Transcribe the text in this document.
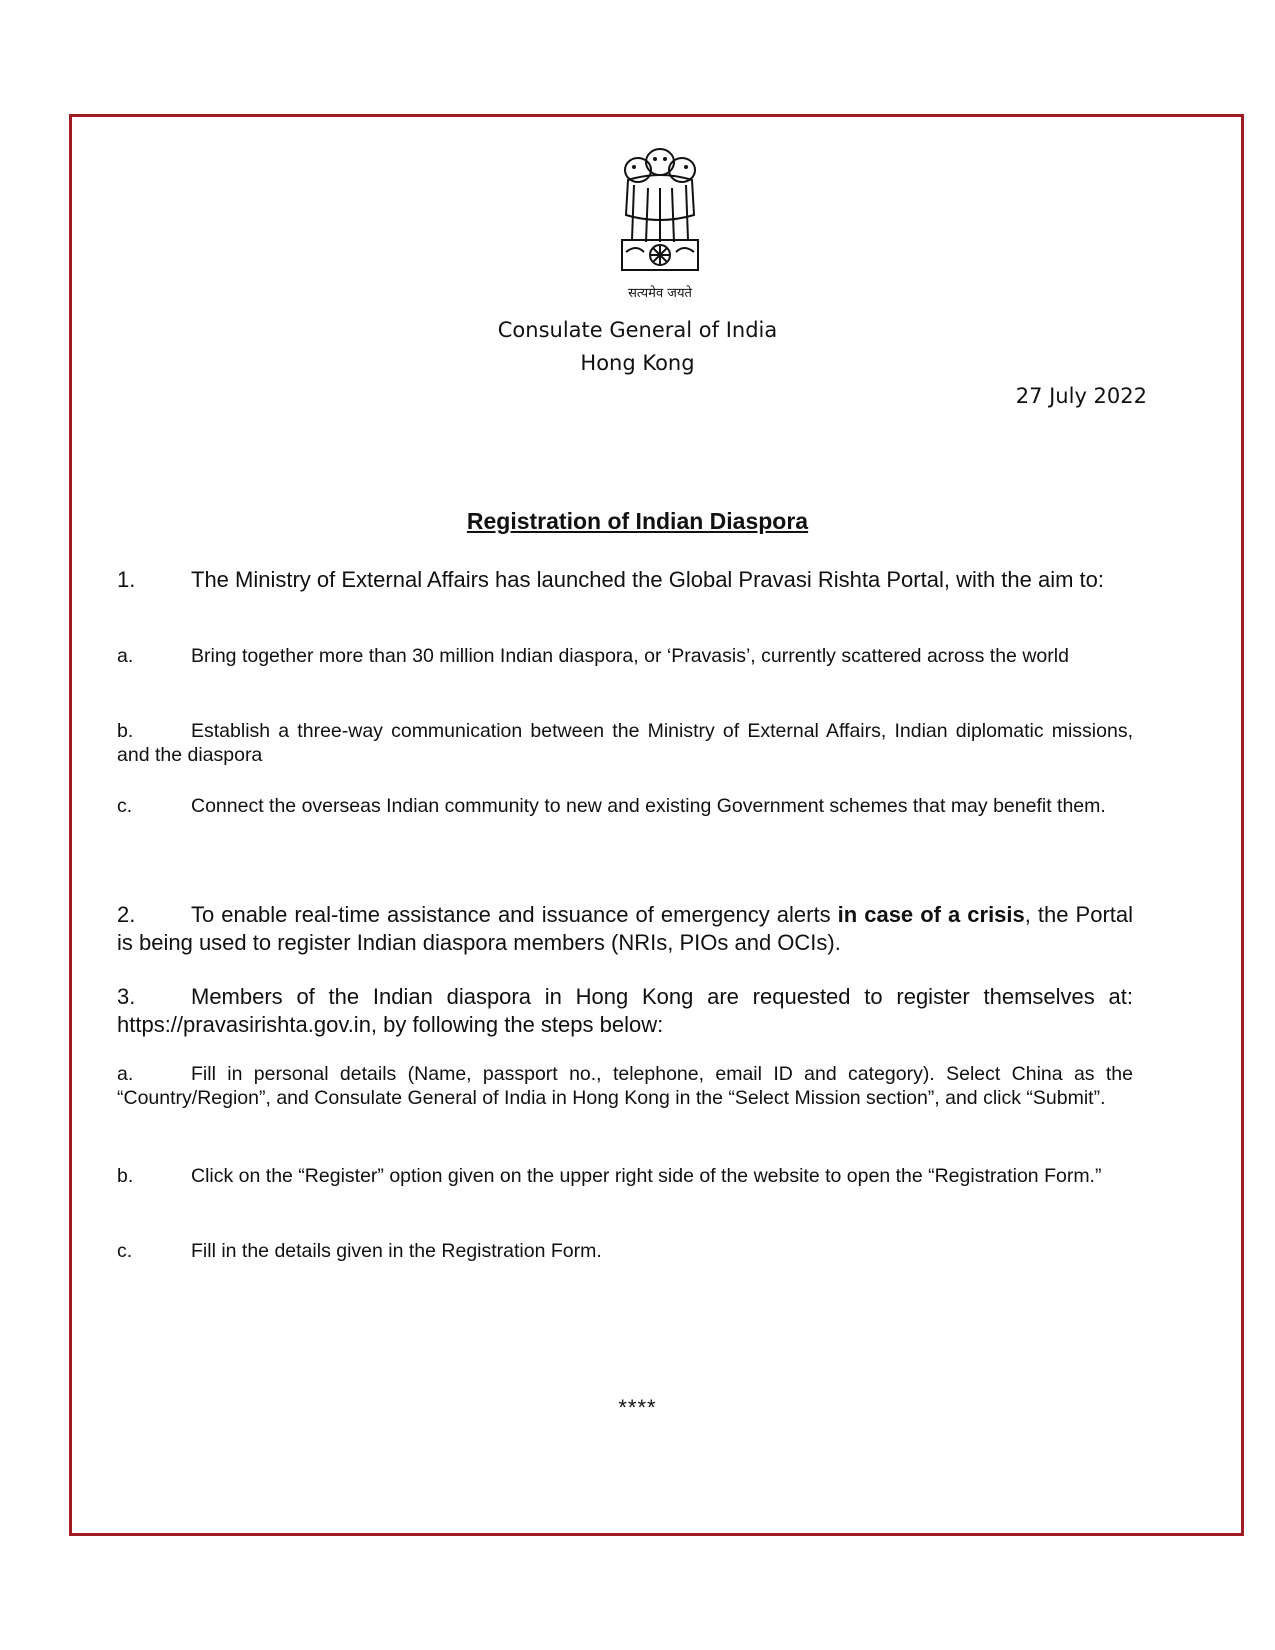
सत्यमेव जयते
Consulate General of India
Hong Kong
27 July 2022
Registration of Indian Diaspora
1.	The Ministry of External Affairs has launched the Global Pravasi Rishta Portal, with the aim to:
a.	Bring together more than 30 million Indian diaspora, or ‘Pravasis’, currently scattered across the world
b.	Establish a three-way communication between the Ministry of External Affairs, Indian diplomatic missions, and the diaspora
c.	Connect the overseas Indian community to new and existing Government schemes that may benefit them.
2.	To enable real-time assistance and issuance of emergency alerts in case of a crisis, the Portal is being used to register Indian diaspora members (NRIs, PIOs and OCIs).
3.	Members of the Indian diaspora in Hong Kong are requested to register themselves at: https://pravasirishta.gov.in, by following the steps below:
a.	Fill in personal details (Name, passport no., telephone, email ID and category). Select China as the “Country/Region”, and Consulate General of India in Hong Kong in the “Select Mission section”, and click “Submit”.
b.	Click on the “Register” option given on the upper right side of the website to open the “Registration Form.”
c.	Fill in the details given in the Registration Form.
****
